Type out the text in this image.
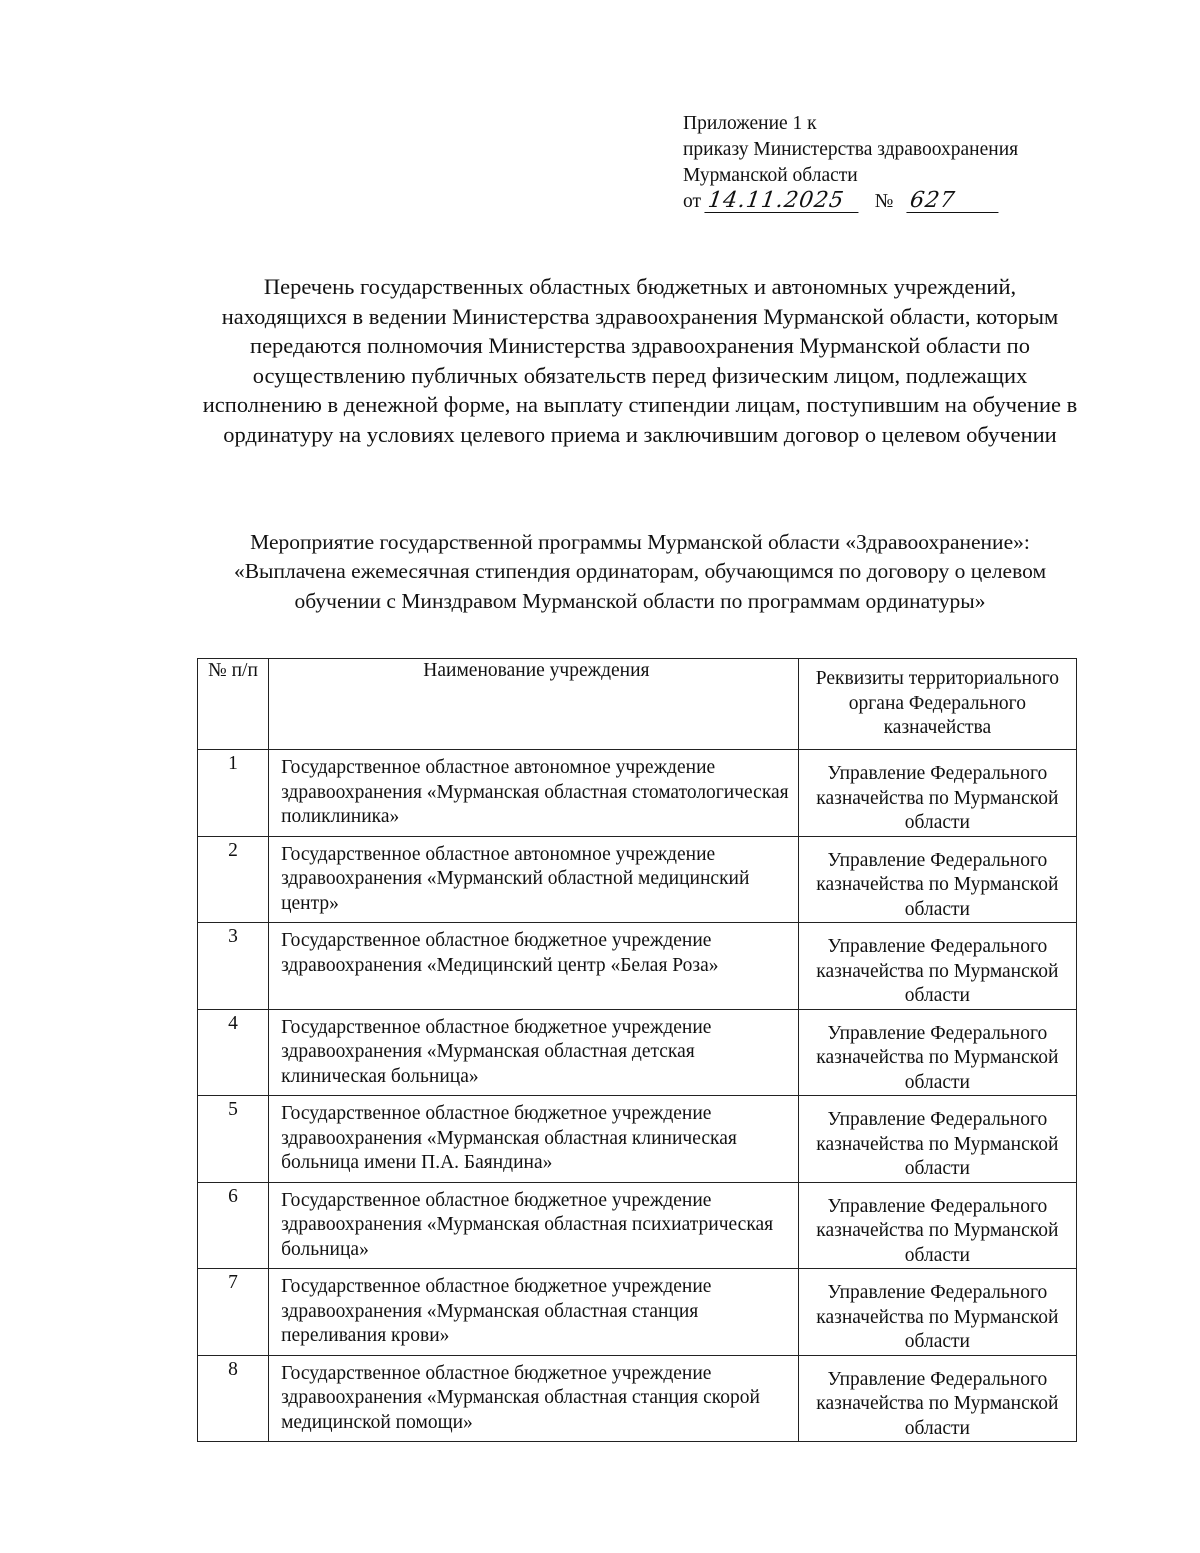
Приложение 1 к
приказу Министерства здравоохранения
Мурманской области
от 14.11.2025 № 627
Перечень государственных областных бюджетных и автономных учреждений, находящихся в ведении Министерства здравоохранения Мурманской области, которым передаются полномочия Министерства здравоохранения Мурманской области по осуществлению публичных обязательств перед физическим лицом, подлежащих исполнению в денежной форме, на выплату стипендии лицам, поступившим на обучение в ординатуру на условиях целевого приема и заключившим договор о целевом обучении
Мероприятие государственной программы Мурманской области «Здравоохранение»: «Выплачена ежемесячная стипендия ординаторам, обучающимся по договору о целевом обучении с Минздравом Мурманской области по программам ординатуры»
№ п/п	Наименование учреждения	Реквизиты территориального органа Федерального казначейства
1	Государственное областное автономное учреждение здравоохранения «Мурманская областная стоматологическая поликлиника»	Управление Федерального казначейства по Мурманской области
2	Государственное областное автономное учреждение здравоохранения «Мурманский областной медицинский центр»	Управление Федерального казначейства по Мурманской области
3	Государственное областное бюджетное учреждение здравоохранения «Медицинский центр «Белая Роза»	Управление Федерального казначейства по Мурманской области
4	Государственное областное бюджетное учреждение здравоохранения «Мурманская областная детская клиническая больница»	Управление Федерального казначейства по Мурманской области
5	Государственное областное бюджетное учреждение здравоохранения «Мурманская областная клиническая больница имени П.А. Баяндина»	Управление Федерального казначейства по Мурманской области
6	Государственное областное бюджетное учреждение здравоохранения «Мурманская областная психиатрическая больница»	Управление Федерального казначейства по Мурманской области
7	Государственное областное бюджетное учреждение здравоохранения «Мурманская областная станция переливания крови»	Управление Федерального казначейства по Мурманской области
8	Государственное областное бюджетное учреждение здравоохранения «Мурманская областная станция скорой медицинской помощи»	Управление Федерального казначейства по Мурманской области
